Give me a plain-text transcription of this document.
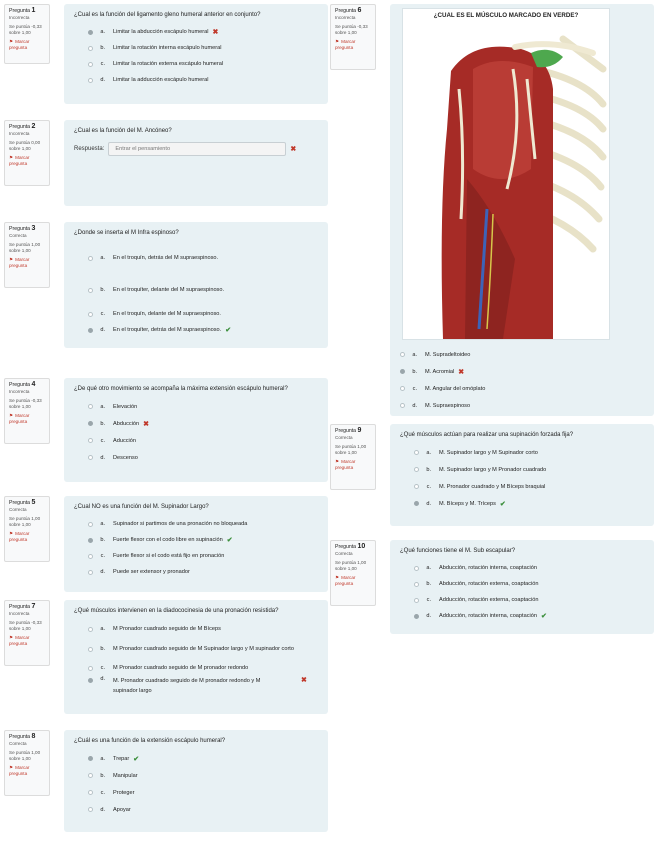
Pregunta 1
Incorrecta
Se puntúa -0,33 sobre 1,00
⚑ Marcar pregunta
Pregunta 2
Incorrecta
Se puntúa 0,00 sobre 1,00
⚑ Marcar pregunta
Pregunta 3
Correcta
Se puntúa 1,00 sobre 1,00
⚑ Marcar pregunta
Pregunta 4
Incorrecta
Se puntúa -0,33 sobre 1,00
⚑ Marcar pregunta
Pregunta 5
Correcta
Se puntúa 1,00 sobre 1,00
⚑ Marcar pregunta
Pregunta 7
Incorrecta
Se puntúa -0,33 sobre 1,00
⚑ Marcar pregunta
Pregunta 8
Correcta
Se puntúa 1,00 sobre 1,00
⚑ Marcar pregunta
Pregunta 6
Incorrecta
Se puntúa -0,33 sobre 1,00
⚑ Marcar pregunta
Pregunta 9
Correcta
Se puntúa 1,00 sobre 1,00
⚑ Marcar pregunta
Pregunta 10
Correcta
Se puntúa 1,00 sobre 1,00
⚑ Marcar pregunta
¿Cual es la función del ligamento gleno humeral anterior en conjunto?
a. Limitar la abducción escápulo humeral ✖
b. Limitar la rotación interna escápulo humeral
c. Limitar la rotación externa escápulo humeral
d. Limitar la adducción escápulo humeral
¿Cual es la función del M. Ancóneo?
Respuesta:	Entrar el pensamiento	✖
¿Donde se inserta el M Infra espinoso?
a. En el troquín, detrás del M supraespinoso.
b. En el troquíter, delante del M supraespinoso.
c. En el troquín, delante del M supraespinoso.
d. En el troquíter, detrás del M supraespinoso. ✔
¿De qué otro movimiento se acompaña la máxima extensión escápulo humeral?
a. Elevación
b. Abducción ✖
c. Aducción
d. Descenso
¿Cual NO es una función del M. Supinador Largo?
a. Supinador si partimos de una pronación no bloqueada
b. Fuerte flexor con el codo libre en supinación ✔
c. Fuerte flexor si el codo está fijo en pronación
d. Puede ser extensor y pronador
¿Qué músculos intervienen en la diadococinesia de una pronación resistida?
a. M Pronador cuadrado seguido de M Bíceps
b. M Pronador cuadrado seguido de M Supinador largo y M supinador corto
c. M Pronador cuadrado seguido de M pronador redondo
d. M. Pronador cuadrado seguido de M pronador redondo y M supinador largo
✖
¿Cuál es una función de la extensión escápulo humeral?
a. Trepar ✔
b. Manipular
c. Proteger
d. Apoyar
¿CUAL ES EL MÚSCULO MARCADO EN VERDE?
a. M. Supradeltoideo
b. M. Acromial ✖
c. M. Angular del omóplato
d. M. Supraespinoso
¿Qué músculos actúan para realizar una supinación forzada fija?
a. M. Supinador largo y M Supinador corto
b. M. Supinador largo y M Pronador cuadrado
c. M. Pronador cuadrado y M Bíceps braquial
d. M. Bíceps y M. Tríceps ✔
¿Qué funciones tiene el M. Sub escapular?
a. Abducción, rotación interna, coaptación
b. Abducción, rotación externa, coaptación
c. Adducción, rotación externa, coaptación
d. Adducción, rotación interna, coaptación ✔
